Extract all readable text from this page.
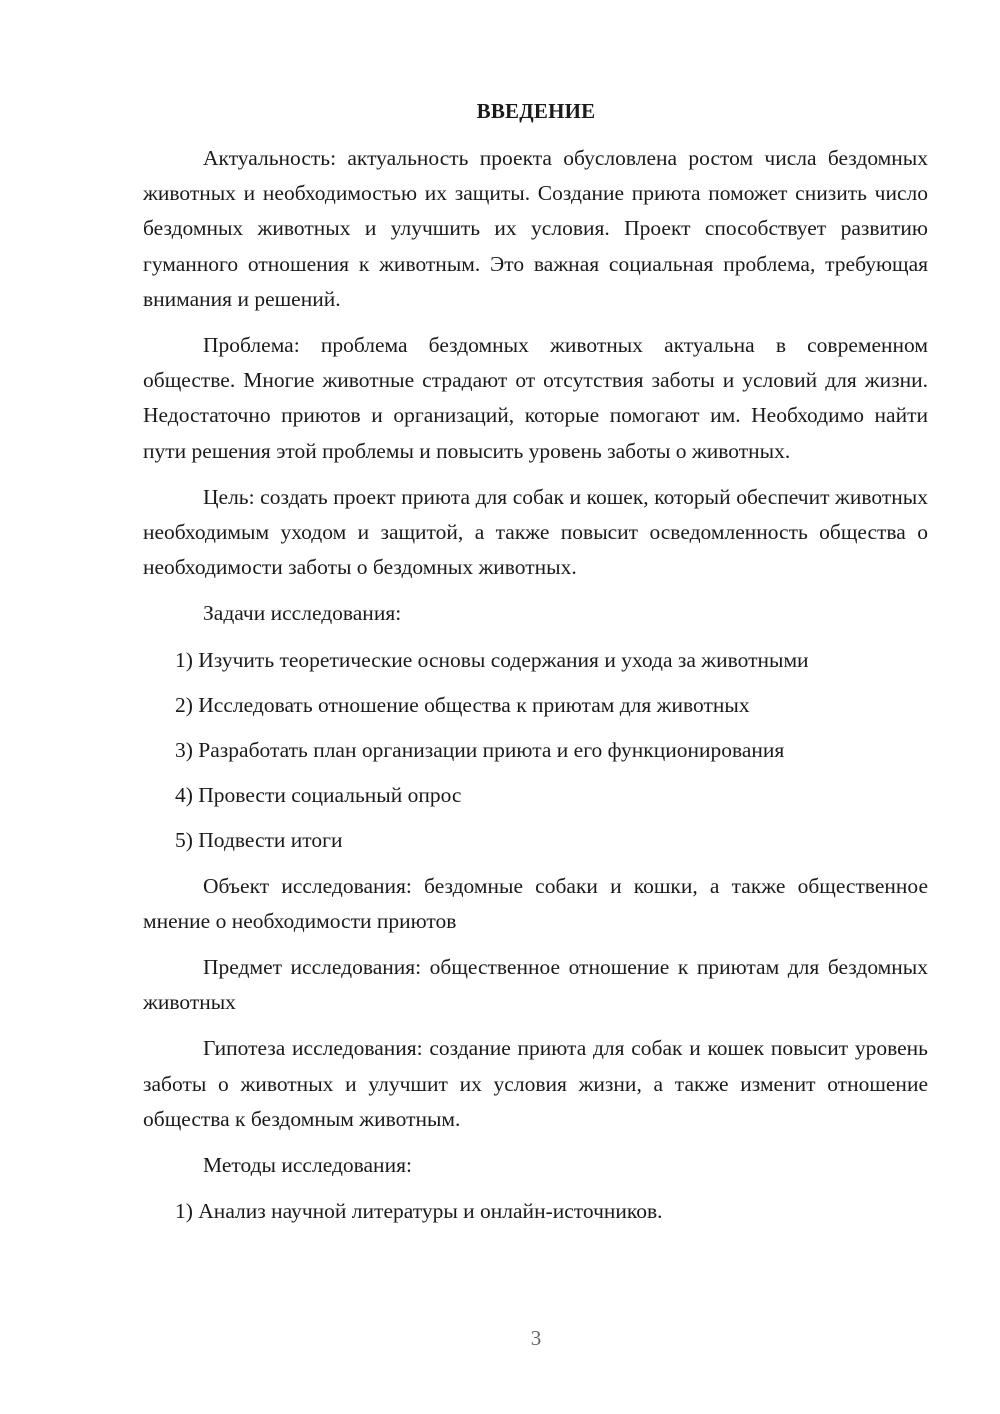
ВВЕДЕНИЕ

Актуальность: актуальность проекта обусловлена ростом числа бездомных животных и необходимостью их защиты. Создание приюта поможет снизить число бездомных животных и улучшить их условия. Проект способствует развитию гуманного отношения к животным. Это важная социальная проблема, требующая внимания и решений.

Проблема: проблема бездомных животных актуальна в современном обществе. Многие животные страдают от отсутствия заботы и условий для жизни. Недостаточно приютов и организаций, которые помогают им. Необходимо найти пути решения этой проблемы и повысить уровень заботы о животных.

Цель: создать проект приюта для собак и кошек, который обеспечит животных необходимым уходом и защитой, а также повысит осведомленность общества о необходимости заботы о бездомных животных.

Задачи исследования:

1) Изучить теоретические основы содержания и ухода за животными

2) Исследовать отношение общества к приютам для животных

3) Разработать план организации приюта и его функционирования

4) Провести социальный опрос

5) Подвести итоги

Объект исследования: бездомные собаки и кошки, а также общественное мнение о необходимости приютов

Предмет исследования: общественное отношение к приютам для бездомных животных

Гипотеза исследования: создание приюта для собак и кошек повысит уровень заботы о животных и улучшит их условия жизни, а также изменит отношение общества к бездомным животным.

Методы исследования:

1) Анализ научной литературы и онлайн-источников.

3
